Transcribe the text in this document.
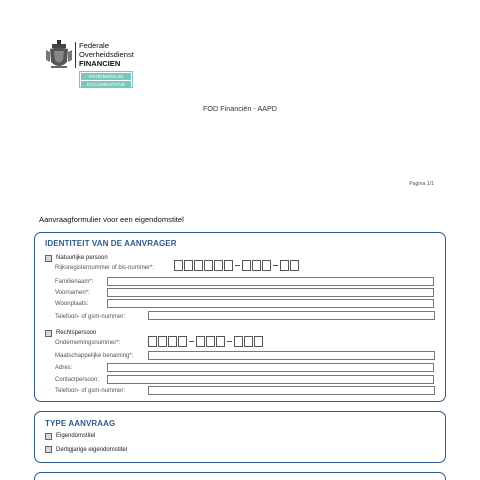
Federale
Overheidsdienst
FINANCIEN
PATRIMONIUM
DOCUMENTATIE
FOD Financiën - AAPD
Pagina 1/1
Aanvraagformulier voor een eigendomstitel
IDENTITEIT VAN DE AANVRAGER
Natuurlijke persoon
Rijksregisternummer of bis-nummer*:
Familienaam*:
Voornamen*:
Woonplaats:
Telefoon- of gsm-nummer:
Rechtspersoon
Ondernemingsnummer*:
Maatschappelijke benaming*:
Adres:
Contactpersoon:
Telefoon- of gsm-nummer:
TYPE AANVRAAG
Eigendomstitel
Dertigjarige eigendomstitel
